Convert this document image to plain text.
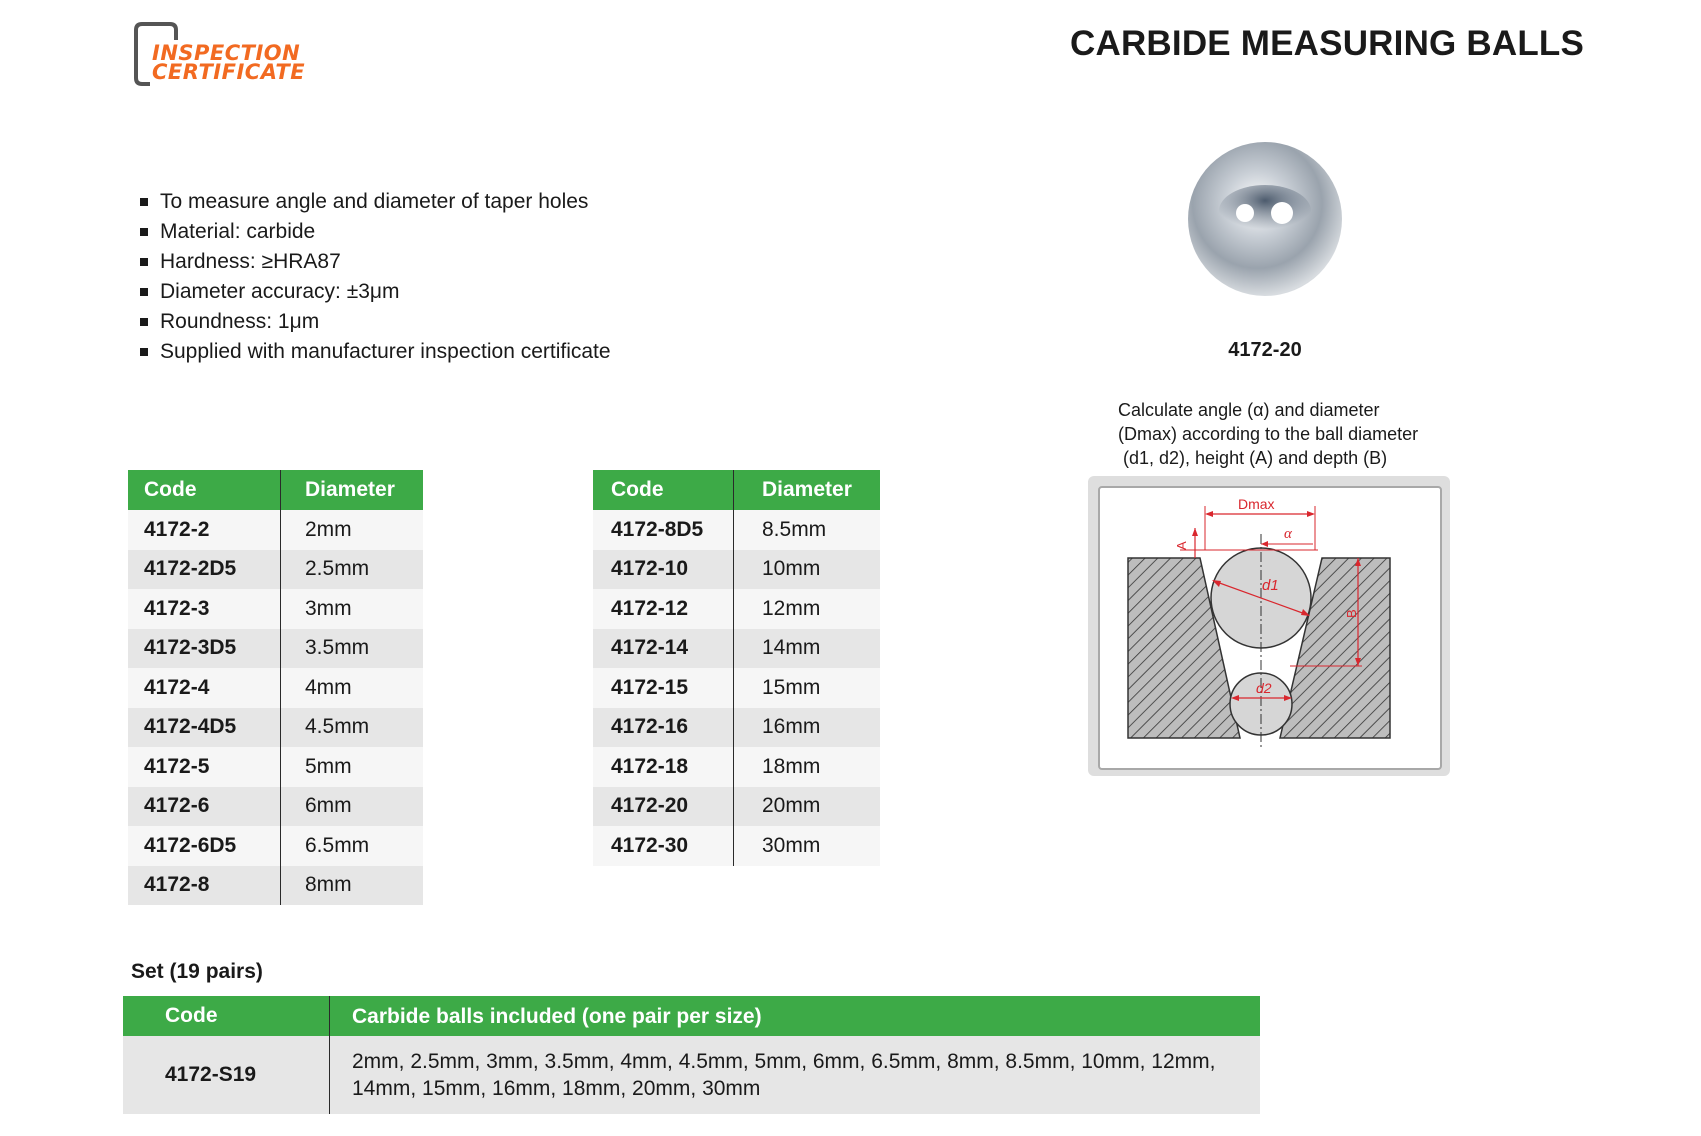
INSPECTION
CERTIFICATE
CARBIDE MEASURING BALLS
To measure angle and diameter of taper holes
Material: carbide
Hardness: ≥HRA87
Diameter accuracy: ±3μm
Roundness: 1μm
Supplied with manufacturer inspection certificate	4172-20
Calculate angle (α) and diameter
(Dmax) according to the ball diameter
(d1, d2), height (A) and depth (B)
Dmax
α
A
d1
d2
B
Code	Diameter
4172-2	2mm
4172-2D5	2.5mm
4172-3	3mm
4172-3D5	3.5mm
4172-4	4mm
4172-4D5	4.5mm
4172-5	5mm
4172-6	6mm
4172-6D5	6.5mm
4172-8	8mm
Code	Diameter
4172-8D5	8.5mm
4172-10	10mm
4172-12	12mm
4172-14	14mm
4172-15	15mm
4172-16	16mm
4172-18	18mm
4172-20	20mm
4172-30	30mm
Set (19 pairs)
Code	Carbide balls included (one pair per size)
4172-S19	2mm, 2.5mm, 3mm, 3.5mm, 4mm, 4.5mm, 5mm, 6mm, 6.5mm, 8mm, 8.5mm, 10mm, 12mm,
14mm, 15mm, 16mm, 18mm, 20mm, 30mm
